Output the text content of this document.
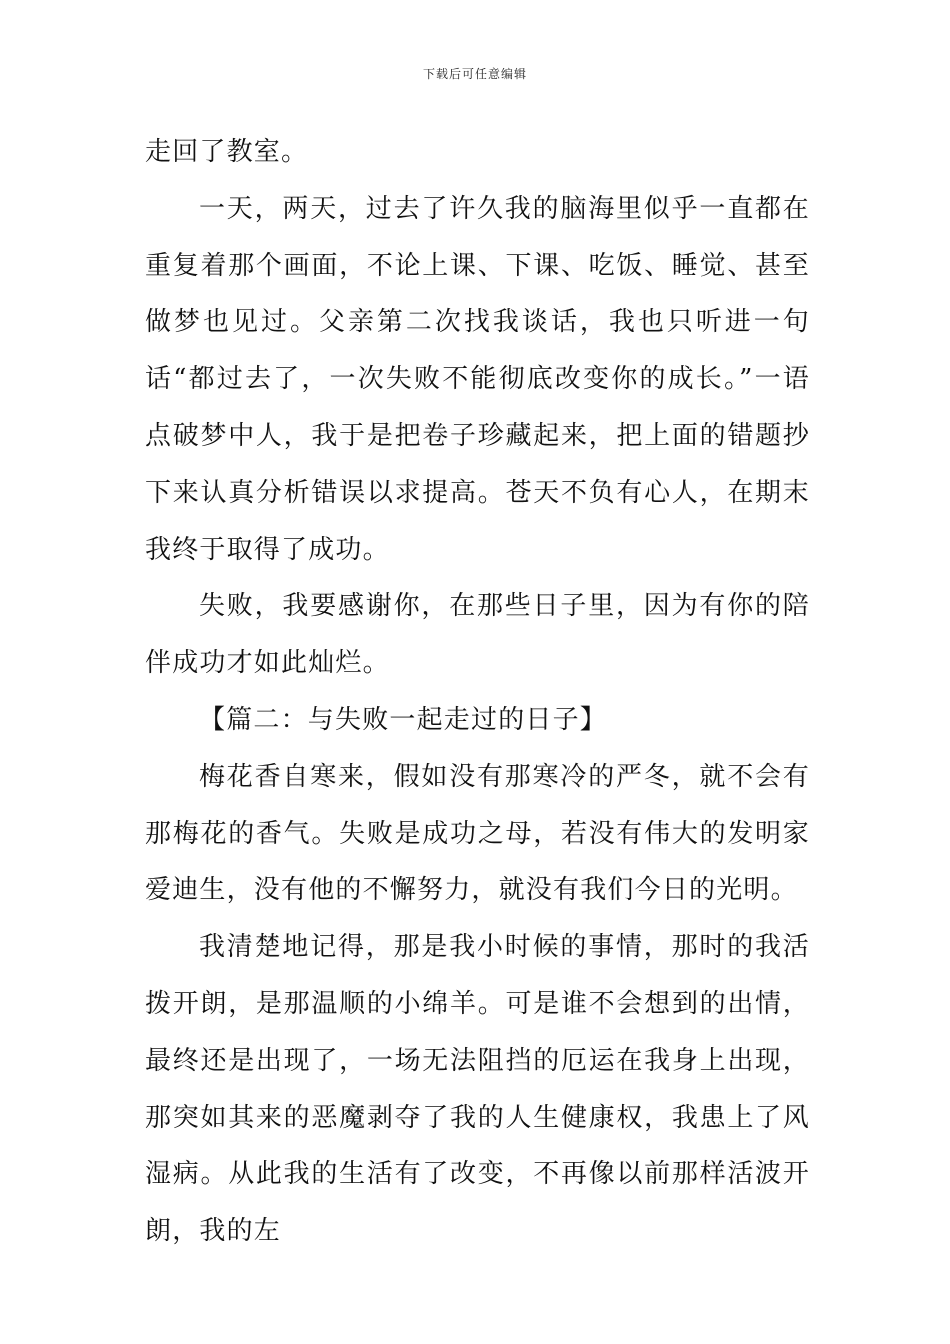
下载后可任意编辑

走回了教室。

一天，两天，过去了许久我的脑海里似乎一直都在重复着那个画面，不论上课、下课、吃饭、睡觉、甚至做梦也见过。父亲第二次找我谈话，我也只听进一句话“都过去了，一次失败不能彻底改变你的成长。”一语点破梦中人，我于是把卷子珍藏起来，把上面的错题抄下来认真分析错误以求提高。苍天不负有心人，在期末我终于取得了成功。

失败，我要感谢你，在那些日子里，因为有你的陪伴成功才如此灿烂。

【篇二：与失败一起走过的日子】

梅花香自寒来，假如没有那寒冷的严冬，就不会有那梅花的香气。失败是成功之母，若没有伟大的发明家爱迪生，没有他的不懈努力，就没有我们今日的光明。

我清楚地记得，那是我小时候的事情，那时的我活拨开朗，是那温顺的小绵羊。可是谁不会想到的出情，最终还是出现了，一场无法阻挡的厄运在我身上出现，那突如其来的恶魔剥夺了我的人生健康权，我患上了风湿病。从此我的生活有了改变，不再像以前那样活波开朗，我的左
